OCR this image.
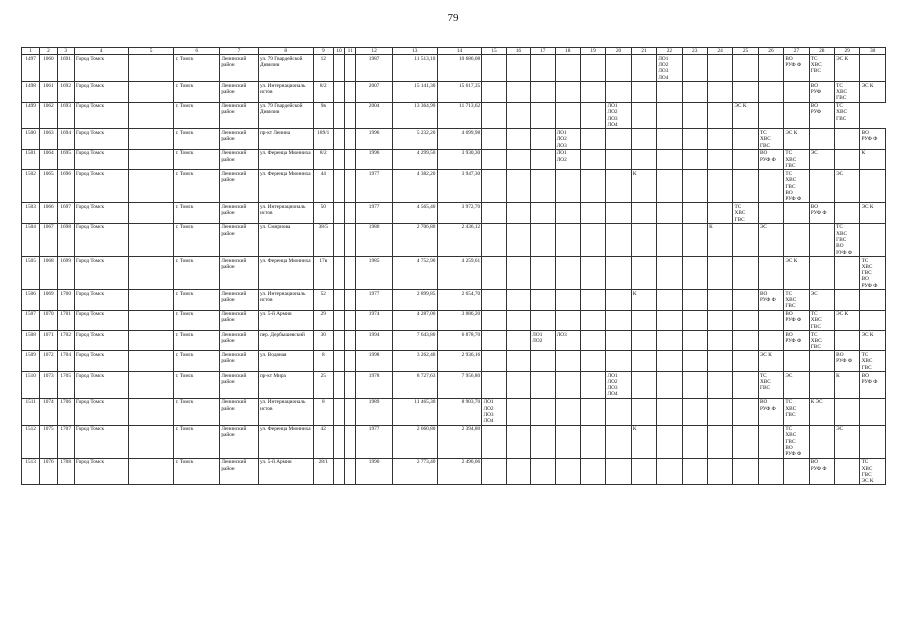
79
1	2	3	4	5	6	7	8	9	10	11	12	13	14	15	16	17	18	19	20	21	22	23	24	25	26	27	28	29	30
1497	1060	1691	Город Томск		г. Томск	Ленинский район	ул. 79 Гвардейской Дивизии	12			1987	11 513,10	10 686,08								ЛО1
ЛО2
ЛО3
ЛО4					ВО
РУФ Ф	ТС
ХВС
ГВС	ЭС К	
1498	1061	1692	Город Томск		г. Томск	Ленинский район	ул. Интернациональ истов	8/2			2007	15 141,30	15 617,35														ВО
РУФ	ТС
ХВС
ГВС	ЭС К
1499	1062	1693	Город Томск		г. Томск	Ленинский район	ул. 79 Гвардейской Дивизии	9в			2004	13 364,99	11 713,62						ЛО1
ЛО2
ЛО3
ЛО4					ЭС К			ВО
РУФ	ТС
ХВС
ГВС	
1500	1063	1694	Город Томск		г. Томск	Ленинский район	пр-кт Ленина	189/1			1996	5 232,20	4 699,98				ЛО1
ЛО2
ЛО3								ТС
ХВС
ГВС	ЭС К			ВО
РУФ Ф
1501	1064	1695	Город Томск		г. Томск	Ленинский район	ул. Ференца Мюнниха	8/2			1996	4 299,50	3 930,30				ЛО1
ЛО2								ВО
РУФ Ф	ТС
ХВС
ГВС	ЭС		К
1502	1065	1696	Город Томск		г. Томск	Ленинский район	ул. Ференца Мюнниха	44			1977	4 382,20	3 947,30							К						ТС
ХВС
ГВС
ВО
РУФ Ф		ЭС	
1503	1066	1697	Город Томск		г. Томск	Ленинский район	ул. Интернациональ истов	50			1977	4 565,40	3 972,70											ТС
ХВС
ГВС			ВО
РУФ Ф		ЭС К
1504	1067	1698	Город Томск		г. Томск	Ленинский район	ул. Смирнова	38/5			1980	2 706,80	2 436,12										К		ЭС			ТС
ХВС
ГВС
ВО
РУФ Ф	
1505	1068	1699	Город Томск		г. Томск	Ленинский район	ул. Ференца Мюнниха	17в			1985	4 752,90	4 259,61													ЭС К			ТС
ХВС
ГВС
ВО
РУФ Ф
1506	1069	1700	Город Томск		г. Томск	Ленинский район	ул. Интернациональ истов	52			1977	2 899,85	2 654,70							К					ВО
РУФ Ф	ТС
ХВС
ГВС	ЭС		
1507	1070	1701	Город Томск		г. Томск	Ленинский район	ул. 5-й Армии	29			1974	4 287,00	3 086,20													ВО
РУФ Ф	ТС
ХВС
ГВС	ЭС К	
1508	1071	1702	Город Томск		г. Томск	Ленинский район	пер. Дербышевский	30			1994	7 643,80	6 878,70			ЛО1
ЛО2	ЛО3									ВО
РУФ Ф	ТС
ХВС
ГВС		ЭС К
1509	1072	1704	Город Томск		г. Томск	Ленинский район	ул. Водяная	8			1998	3 262,40	2 936,16												ЭС К			ВО
РУФ Ф	ТС
ХВС
ГВС
1510	1073	1705	Город Томск		г. Томск	Ленинский район	пр-кт Мира	25			1978	8 727,63	7 956,80						ЛО1
ЛО2
ЛО3
ЛО4						ТС
ХВС
ГВС	ЭС		К	ВО
РУФ Ф
1511	1074	1706	Город Томск		г. Томск	Ленинский район	ул. Интернациональ истов	8			1989	11 465,30	8 903,70	ЛО1
ЛО2
ЛО3
ЛО4											ВО
РУФ Ф	ТС
ХВС
ГВС	К ЭС		
1512	1075	1707	Город Томск		г. Томск	Ленинский район	ул. Ференца Мюнниха	42			1977	2 660,80	2 394,80							К						ТС
ХВС
ГВС
ВО
РУФ Ф		ЭС	
1513	1076	1708	Город Томск		г. Томск	Ленинский район	ул. 5-й Армии	28/1			1990	2 773,40	2 496,06														ВО
РУФ Ф		ТС
ХВС
ГВС
ЭС К
